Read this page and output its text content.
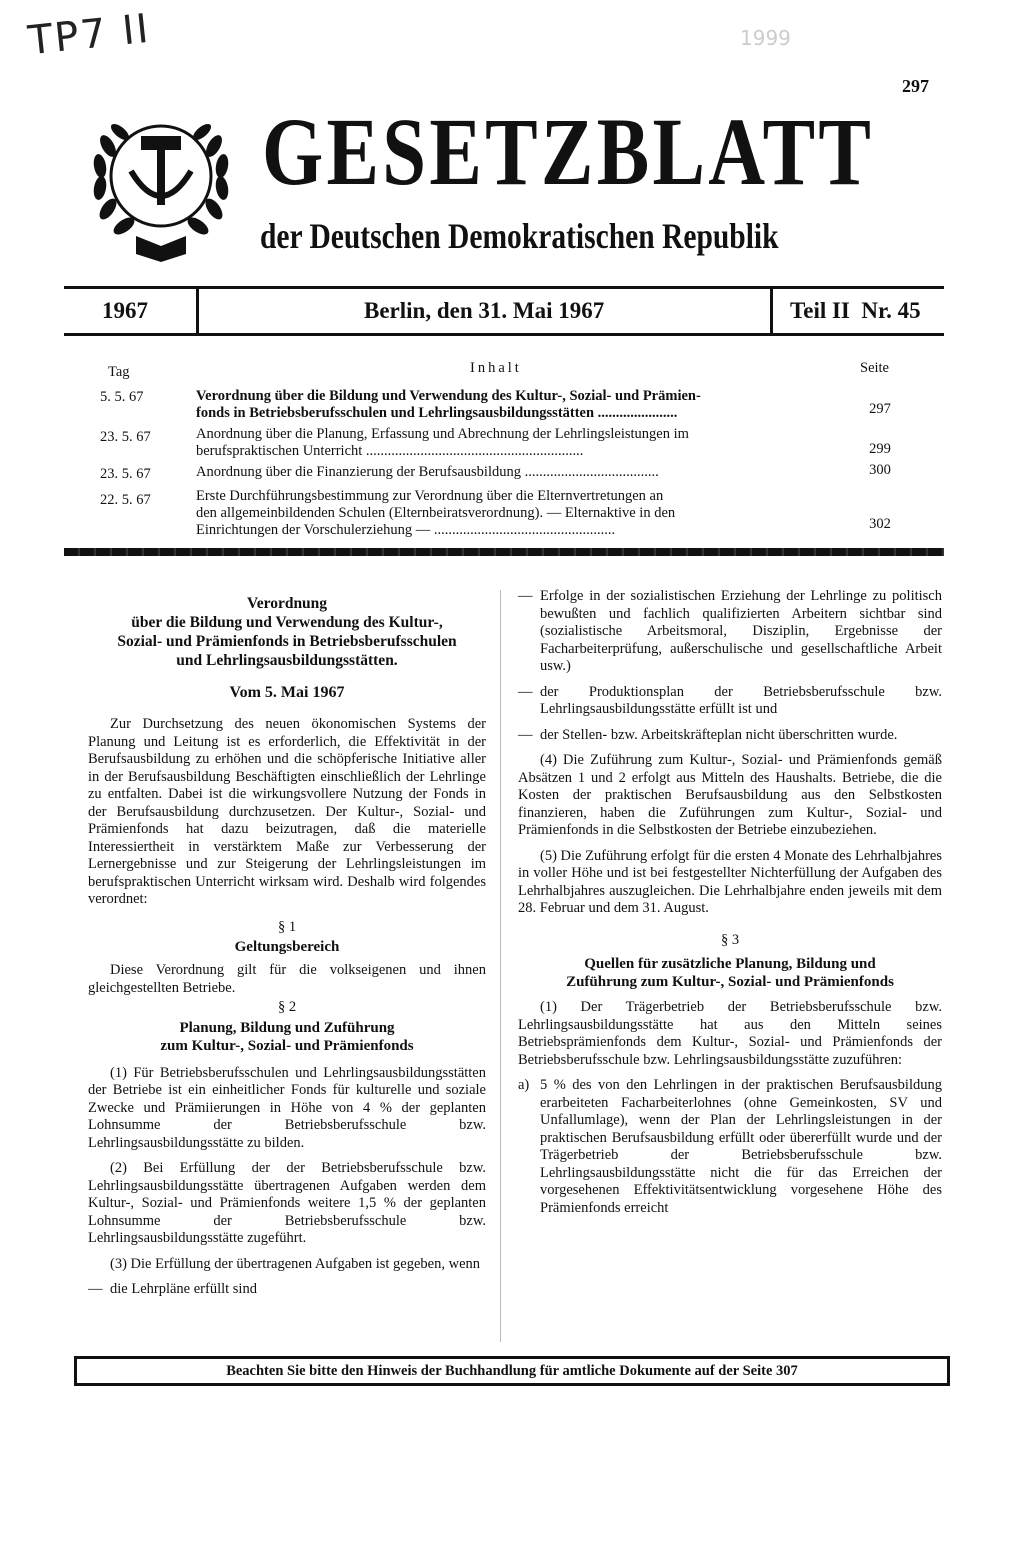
TP7 II	1999
297
GESETZBLATT
der Deutschen Demokratischen Republik
1967	Berlin, den 31. Mai 1967	Teil II  Nr. 45
Tag	Inhalt	Seite
5. 5. 67	Verordnung über die Bildung und Verwendung des Kultur-, Sozial- und Prämien-
fonds in Betriebsberufsschulen und Lehrlingsausbildungsstätten ......................	297
23. 5. 67	Anordnung über die Planung, Erfassung und Abrechnung der Lehrlingsleistungen im
berufspraktischen Unterricht ............................................................	299
23. 5. 67	Anordnung über die Finanzierung der Berufsausbildung .....................................	300
22. 5. 67	Erste Durchführungsbestimmung zur Verordnung über die Elternvertretungen an
den allgemeinbildenden Schulen (Elternbeiratsverordnung). — Elternaktive in den
Einrichtungen der Vorschulerziehung — ..................................................	302
Verordnung
über die Bildung und Verwendung des Kultur-,
Sozial- und Prämienfonds in Betriebsberufsschulen
und Lehrlingsausbildungsstätten.
Vom 5. Mai 1967

Zur Durchsetzung des neuen ökonomischen Systems der Planung und Leitung ist es erforderlich, die Effektivität in der Berufsausbildung zu erhöhen und die schöpferische Initiative aller in der Berufsausbildung Beschäftigten einschließlich der Lehrlinge zu entfalten. Dabei ist die wirkungsvollere Nutzung der Fonds in der Berufsausbildung durchzusetzen. Der Kultur-, Sozial- und Prämienfonds hat dazu beizutragen, daß die materielle Interessiertheit in verstärktem Maße zur Verbesserung der Lernergebnisse und zur Steigerung der Lehrlingsleistungen im berufspraktischen Unterricht wirksam wird. Deshalb wird folgendes verordnet:

§ 1
Geltungsbereich

Diese Verordnung gilt für die volkseigenen und ihnen gleichgestellten Betriebe.

§ 2
Planung, Bildung und Zuführung
zum Kultur-, Sozial- und Prämienfonds

(1) Für Betriebsberufsschulen und Lehrlingsausbildungsstätten der Betriebe ist ein einheitlicher Fonds für kulturelle und soziale Zwecke und Prämiierungen in Höhe von 4 % der geplanten Lohnsumme der Betriebsberufsschule bzw. Lehrlingsausbildungsstätte zu bilden.

(2) Bei Erfüllung der der Betriebsberufsschule bzw. Lehrlingsausbildungsstätte übertragenen Aufgaben werden dem Kultur-, Sozial- und Prämienfonds weitere 1,5 % der geplanten Lohnsumme der Betriebsberufsschule bzw. Lehrlingsausbildungsstätte zugeführt.

(3) Die Erfüllung der übertragenen Aufgaben ist gegeben, wenn

— die Lehrpläne erfüllt sind
— Erfolge in der sozialistischen Erziehung der Lehrlinge zu politisch bewußten und fachlich qualifizierten Arbeitern sichtbar sind (sozialistische Arbeitsmoral, Disziplin, Ergebnisse der Facharbeiterprüfung, außerschulische und gesellschaftliche Arbeit usw.)
— der Produktionsplan der Betriebsberufsschule bzw. Lehrlingsausbildungsstätte erfüllt ist und
— der Stellen- bzw. Arbeitskräfteplan nicht überschritten wurde.

(4) Die Zuführung zum Kultur-, Sozial- und Prämienfonds gemäß Absätzen 1 und 2 erfolgt aus Mitteln des Haushalts. Betriebe, die die Kosten der praktischen Berufsausbildung aus den Selbstkosten finanzieren, haben die Zuführungen zum Kultur-, Sozial- und Prämienfonds in die Selbstkosten der Betriebe einzubeziehen.

(5) Die Zuführung erfolgt für die ersten 4 Monate des Lehrhalbjahres in voller Höhe und ist bei festgestellter Nichterfüllung der Aufgaben des Lehrhalbjahres auszugleichen. Die Lehrhalbjahre enden jeweils mit dem 28. Februar und dem 31. August.

§ 3
Quellen für zusätzliche Planung, Bildung und
Zuführung zum Kultur-, Sozial- und Prämienfonds

(1) Der Trägerbetrieb der Betriebsberufsschule bzw. Lehrlingsausbildungsstätte hat aus den Mitteln seines Betriebsprämienfonds dem Kultur-, Sozial- und Prämienfonds der Betriebsberufsschule bzw. Lehrlingsausbildungsstätte zuzuführen:

a) 5 % des von den Lehrlingen in der praktischen Berufsausbildung erarbeiteten Facharbeiterlohnes (ohne Gemeinkosten, SV und Unfallumlage), wenn der Plan der Lehrlingsleistungen in der praktischen Berufsausbildung erfüllt oder übererfüllt wurde und der Trägerbetrieb der Betriebsberufsschule bzw. Lehrlingsausbildungsstätte nicht die für das Erreichen der vorgesehenen Effektivitätsentwicklung vorgesehene Höhe des Prämienfonds erreicht
Beachten Sie bitte den Hinweis der Buchhandlung für amtliche Dokumente auf der Seite 307
